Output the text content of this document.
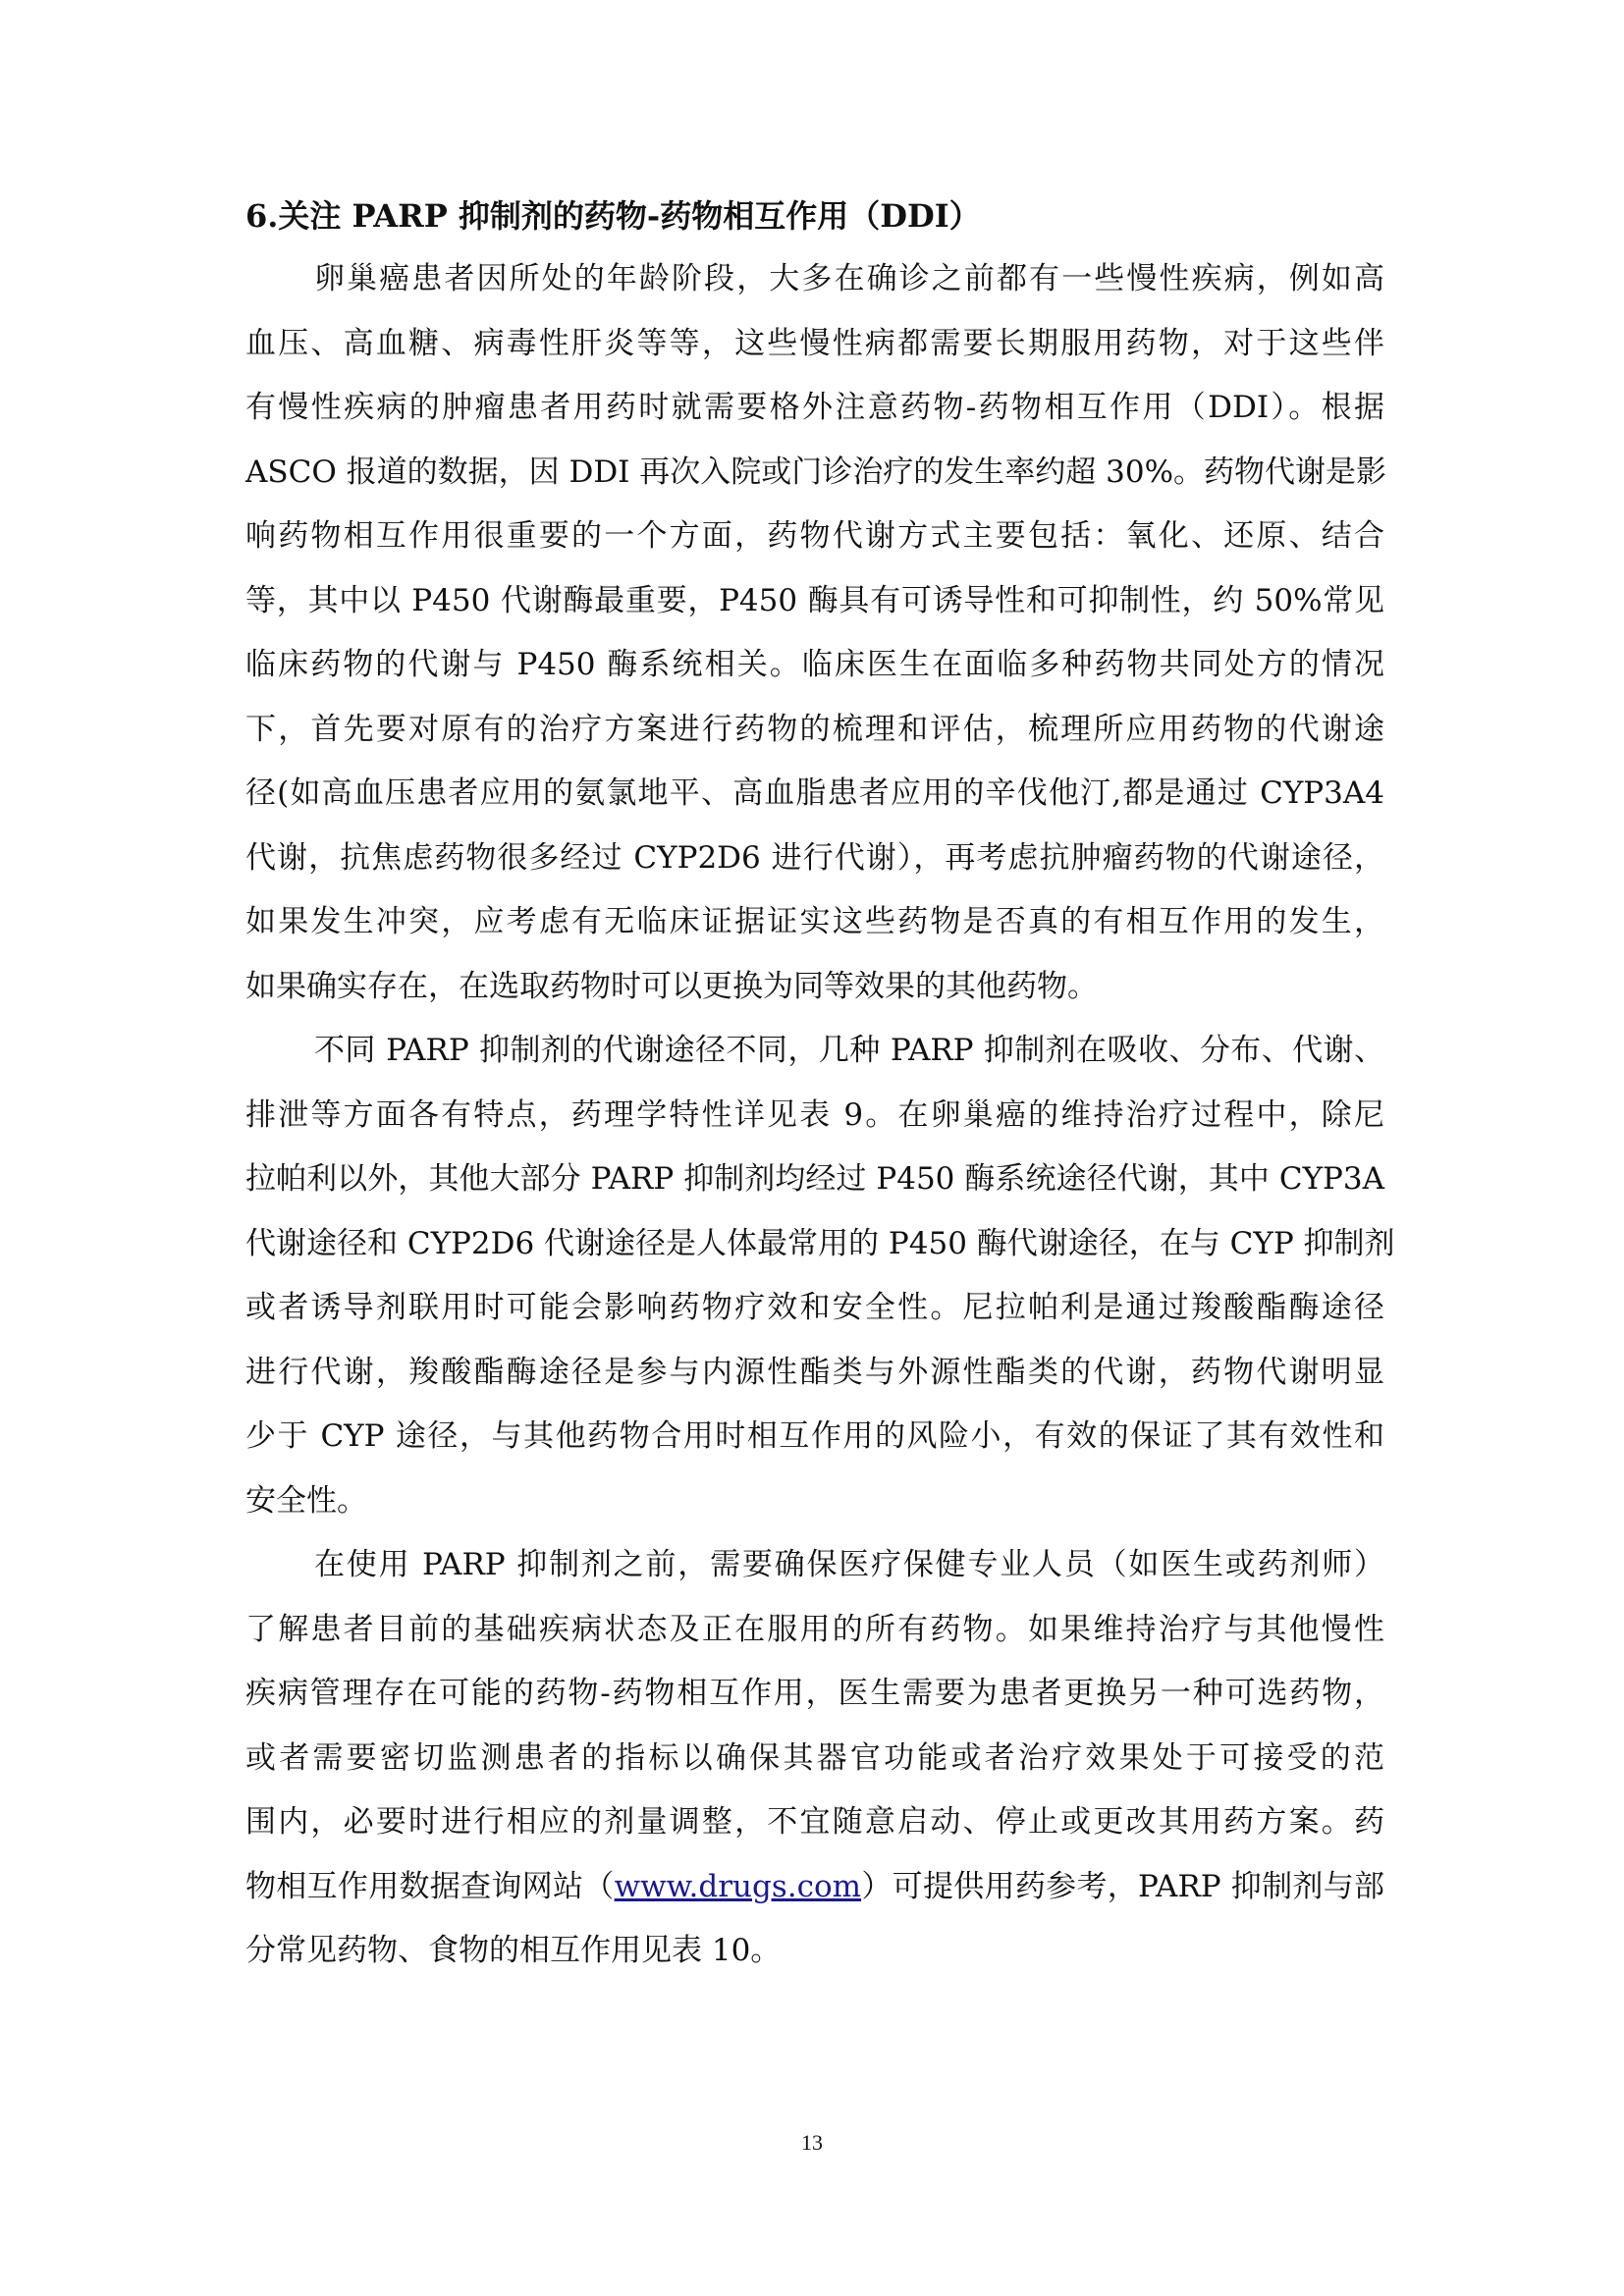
6.关注 PARP 抑制剂的药物-药物相互作用（DDI）
卵巢癌患者因所处的年龄阶段，大多在确诊之前都有一些慢性疾病，例如高
血压、高血糖、病毒性肝炎等等，这些慢性病都需要长期服用药物，对于这些伴
有慢性疾病的肿瘤患者用药时就需要格外注意药物-药物相互作用（DDI）。根据
ASCO 报道的数据，因 DDI 再次入院或门诊治疗的发生率约超 30%。药物代谢是影
响药物相互作用很重要的一个方面，药物代谢方式主要包括：氧化、还原、结合
等，其中以 P450 代谢酶最重要，P450 酶具有可诱导性和可抑制性，约 50%常见
临床药物的代谢与 P450 酶系统相关。临床医生在面临多种药物共同处方的情况
下，首先要对原有的治疗方案进行药物的梳理和评估，梳理所应用药物的代谢途
径(如高血压患者应用的氨氯地平、高血脂患者应用的辛伐他汀,都是通过 CYP3A4
代谢，抗焦虑药物很多经过 CYP2D6 进行代谢），再考虑抗肿瘤药物的代谢途径，
如果发生冲突，应考虑有无临床证据证实这些药物是否真的有相互作用的发生，
如果确实存在，在选取药物时可以更换为同等效果的其他药物。
不同 PARP 抑制剂的代谢途径不同，几种 PARP 抑制剂在吸收、分布、代谢、
排泄等方面各有特点，药理学特性详见表 9。在卵巢癌的维持治疗过程中，除尼
拉帕利以外，其他大部分 PARP 抑制剂均经过 P450 酶系统途径代谢，其中 CYP3A
代谢途径和 CYP2D6 代谢途径是人体最常用的 P450 酶代谢途径，在与 CYP 抑制剂
或者诱导剂联用时可能会影响药物疗效和安全性。尼拉帕利是通过羧酸酯酶途径
进行代谢，羧酸酯酶途径是参与内源性酯类与外源性酯类的代谢，药物代谢明显
少于 CYP 途径，与其他药物合用时相互作用的风险小，有效的保证了其有效性和
安全性。
在使用 PARP 抑制剂之前，需要确保医疗保健专业人员（如医生或药剂师）
了解患者目前的基础疾病状态及正在服用的所有药物。如果维持治疗与其他慢性
疾病管理存在可能的药物-药物相互作用，医生需要为患者更换另一种可选药物，
或者需要密切监测患者的指标以确保其器官功能或者治疗效果处于可接受的范
围内，必要时进行相应的剂量调整，不宜随意启动、停止或更改其用药方案。药
物相互作用数据查询网站（www.drugs.com）可提供用药参考，PARP 抑制剂与部
分常见药物、食物的相互作用见表 10。
13
